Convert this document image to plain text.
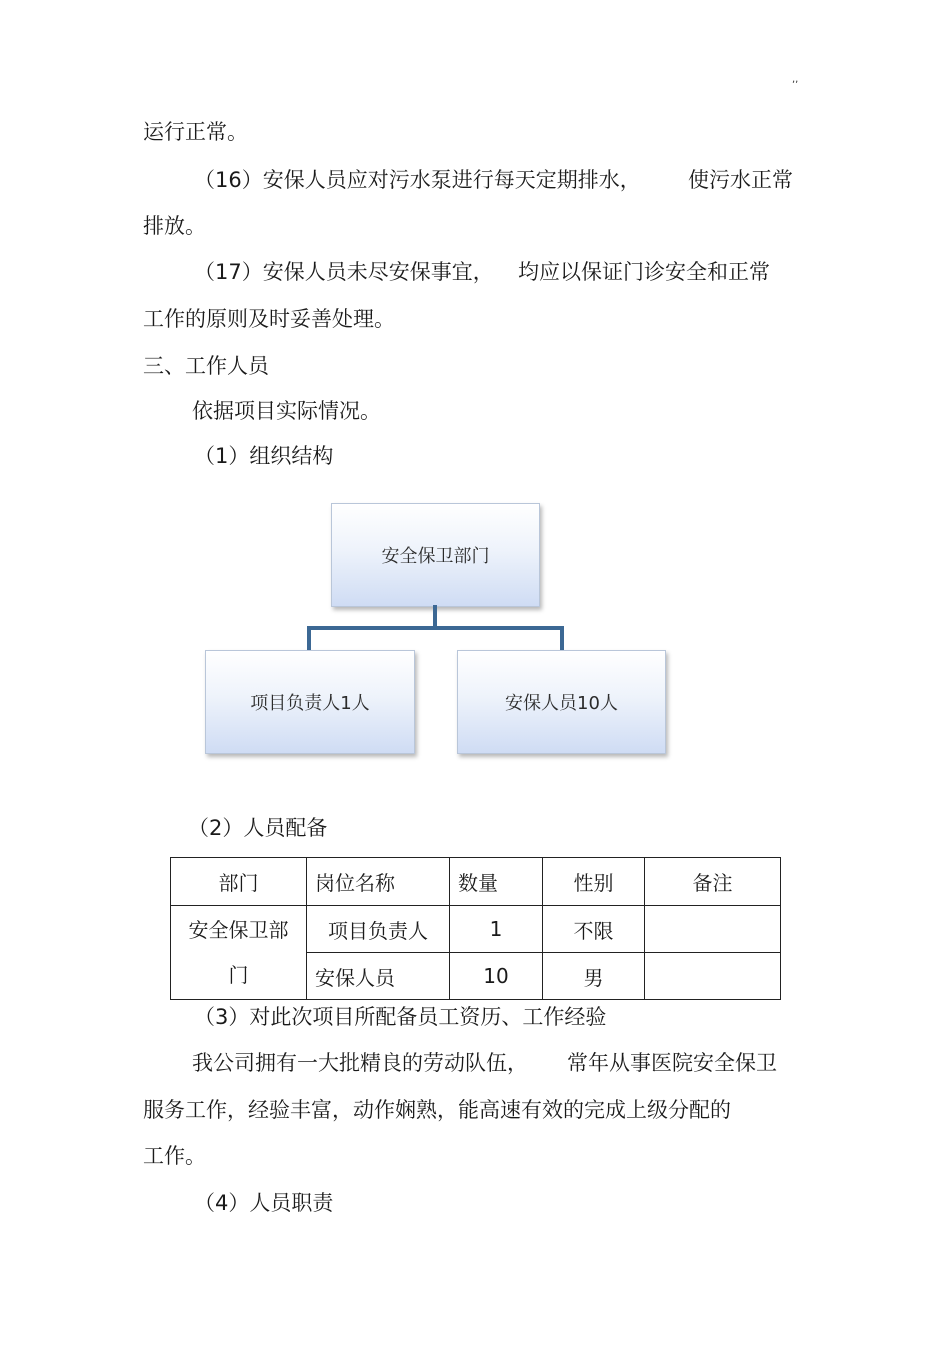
,,
运行正常。
（16）安保人员应对污水泵进行每天定期排水， 使污水正常
排放。
（17）安保人员未尽安保事宜， 均应以保证门诊安全和正常
工作的原则及时妥善处理。
三、工作人员
依据项目实际情况。
（1）组织结构
安全保卫部门
项目负责人1人	安保人员10人
（2）人员配备
部门	岗位名称	数量	性别	备注

安全保卫部
门	项目负责人	1	不限	
	安保人员	10	男	
（3）对此次项目所配备员工资历、工作经验
我公司拥有一大批精良的劳动队伍， 常年从事医院安全保卫
服务工作，经验丰富，动作娴熟，能高速有效的完成上级分配的
工作。
（4）人员职责
